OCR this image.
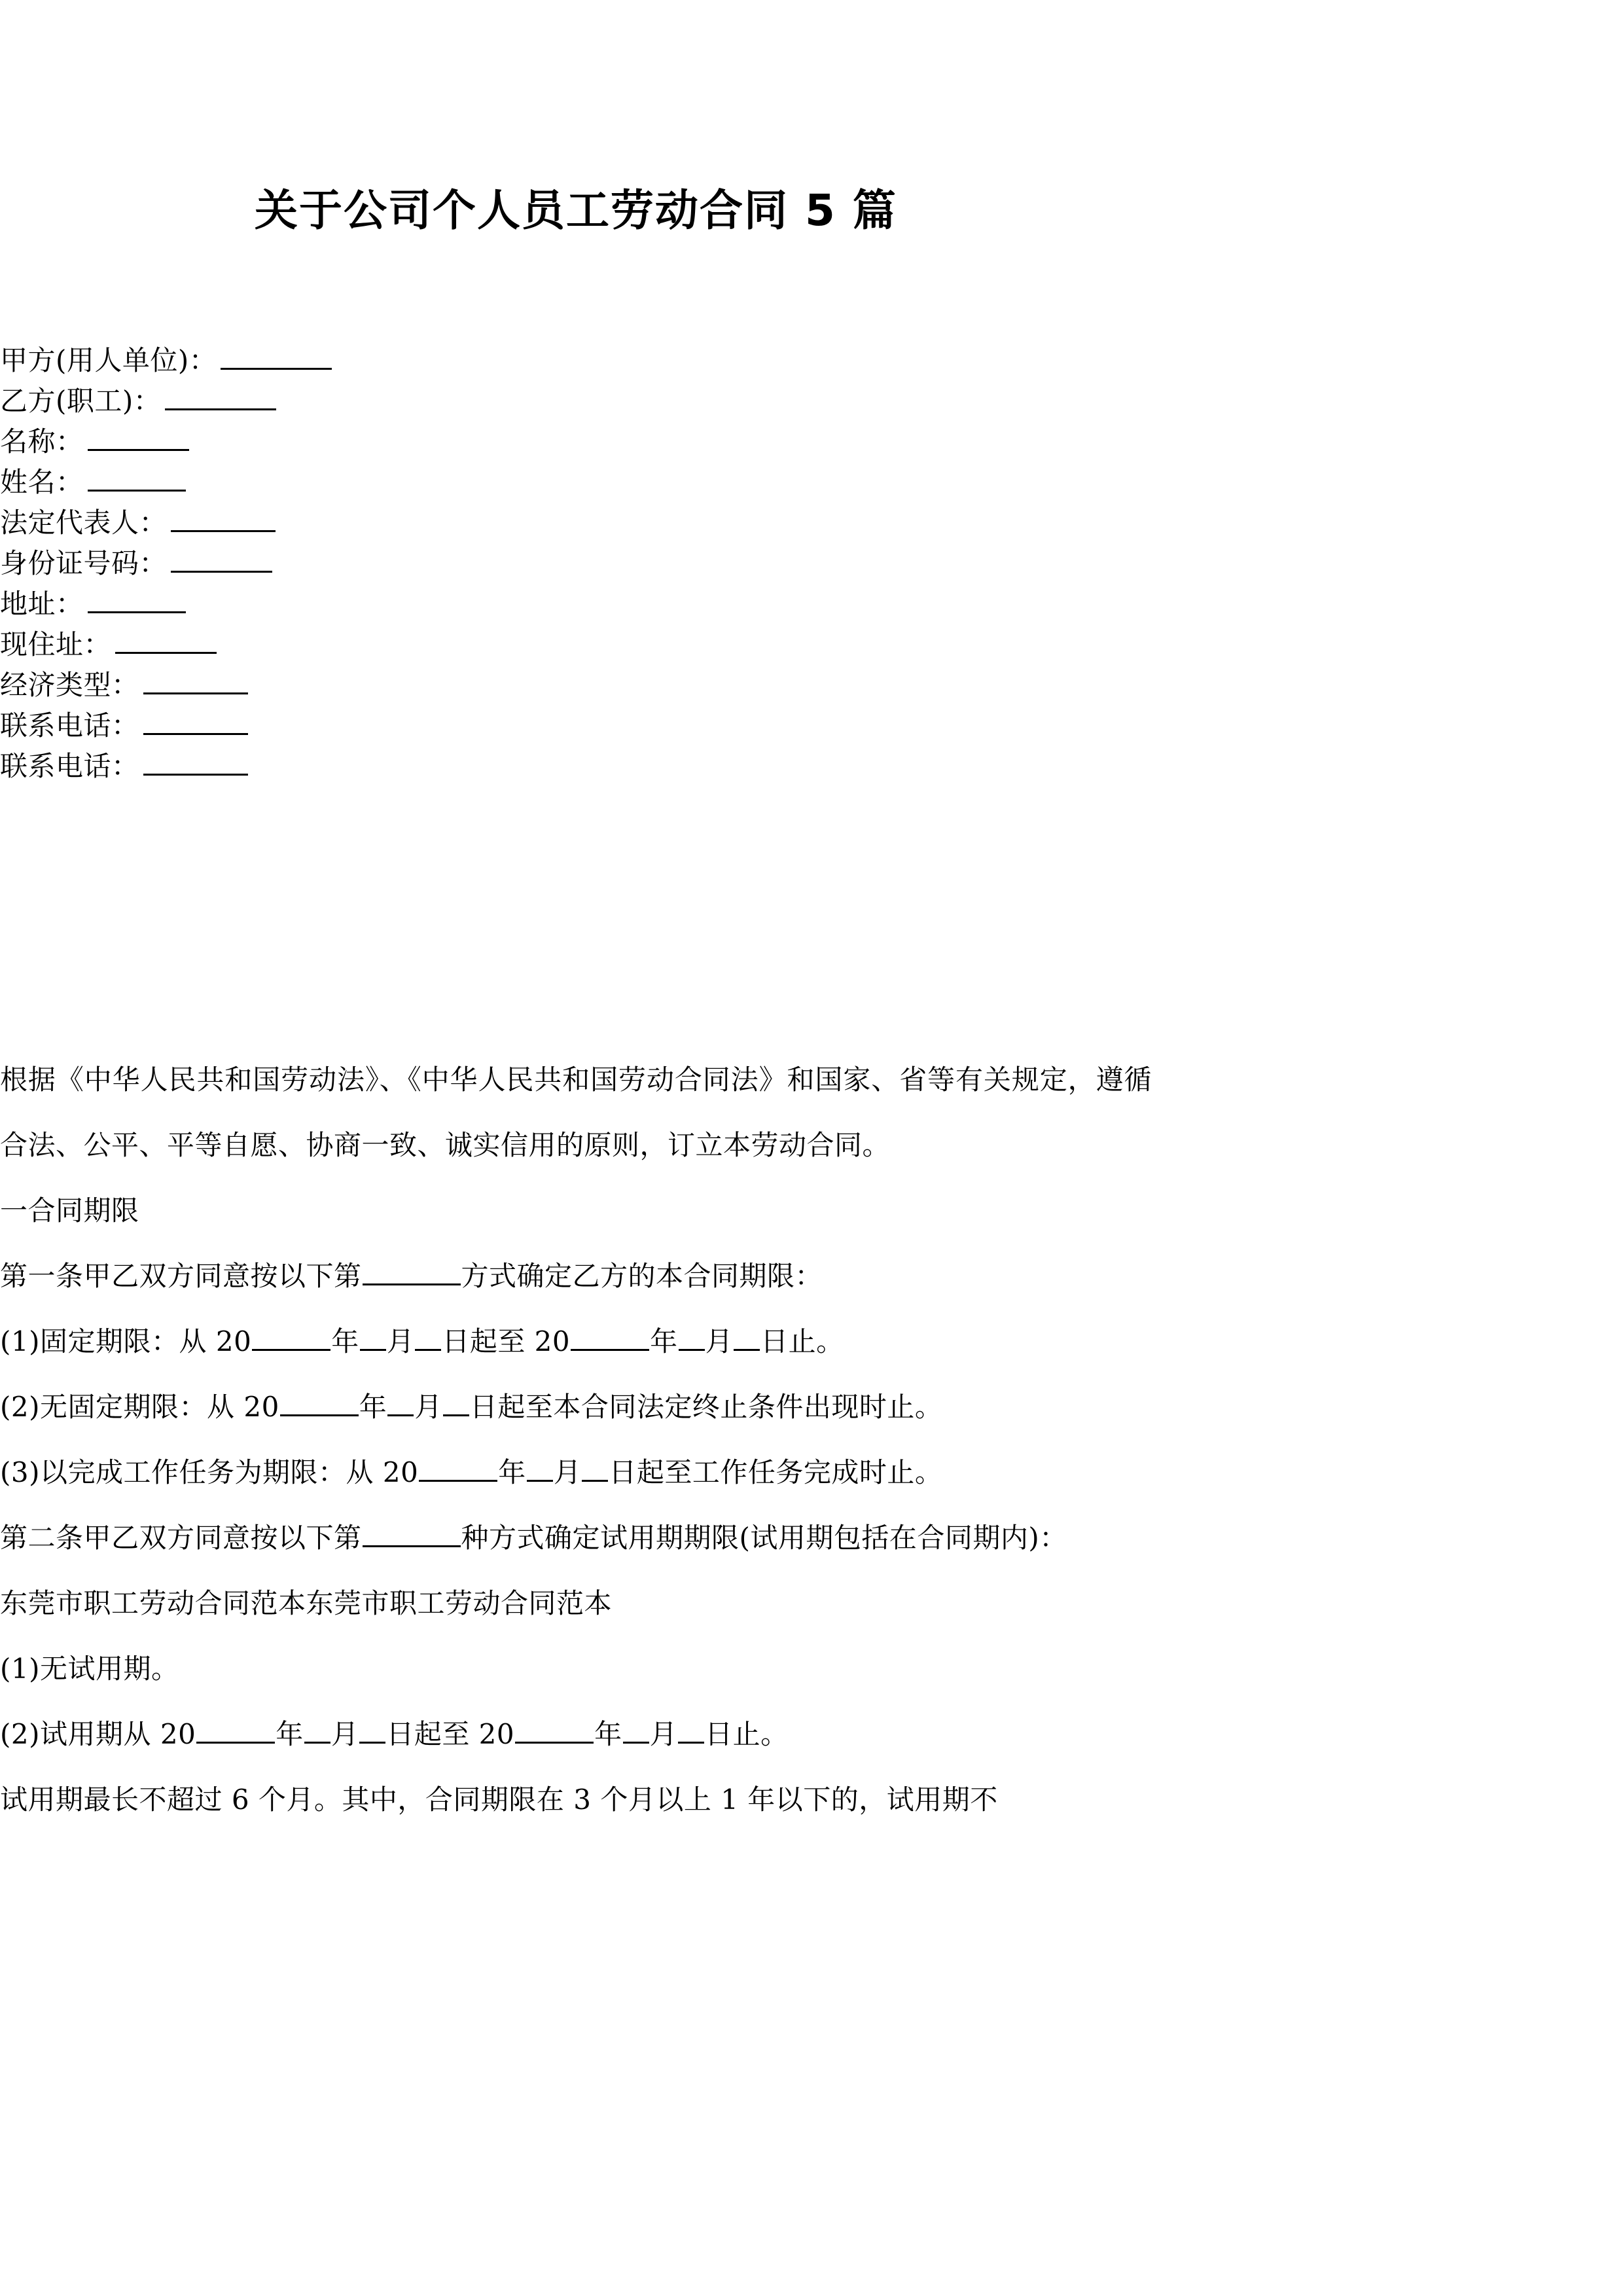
关于公司个人员工劳动合同 5 篇
甲方(用人单位)：
乙方(职工)：
名称：
姓名：
法定代表人：
身份证号码：
地址：
现住址：
经济类型：
联系电话：
联系电话：

根据《中华人民共和国劳动法》、《中华人民共和国劳动合同法》和国家、省等有关规定，遵循合法、公平、平等自愿、协商一致、诚实信用的原则，订立本劳动合同。

一合同期限

第一条甲乙双方同意按以下第	方式确定乙方的本合同期限：

(1)固定期限：从 20	年 月 日起至 20	年 月 日止。

(2)无固定期限：从 20	年 月 日起至本合同法定终止条件出现时止。

(3)以完成工作任务为期限：从 20	年 月 日起至工作任务完成时止。

第二条甲乙双方同意按以下第	种方式确定试用期期限(试用期包括在合同期内)：

东莞市职工劳动合同范本东莞市职工劳动合同范本

(1)无试用期。

(2)试用期从 20	年 月 日起至 20	年 月 日止。

试用期最长不超过 6 个月。其中，合同期限在 3 个月以上 1 年以下的，试用期不
